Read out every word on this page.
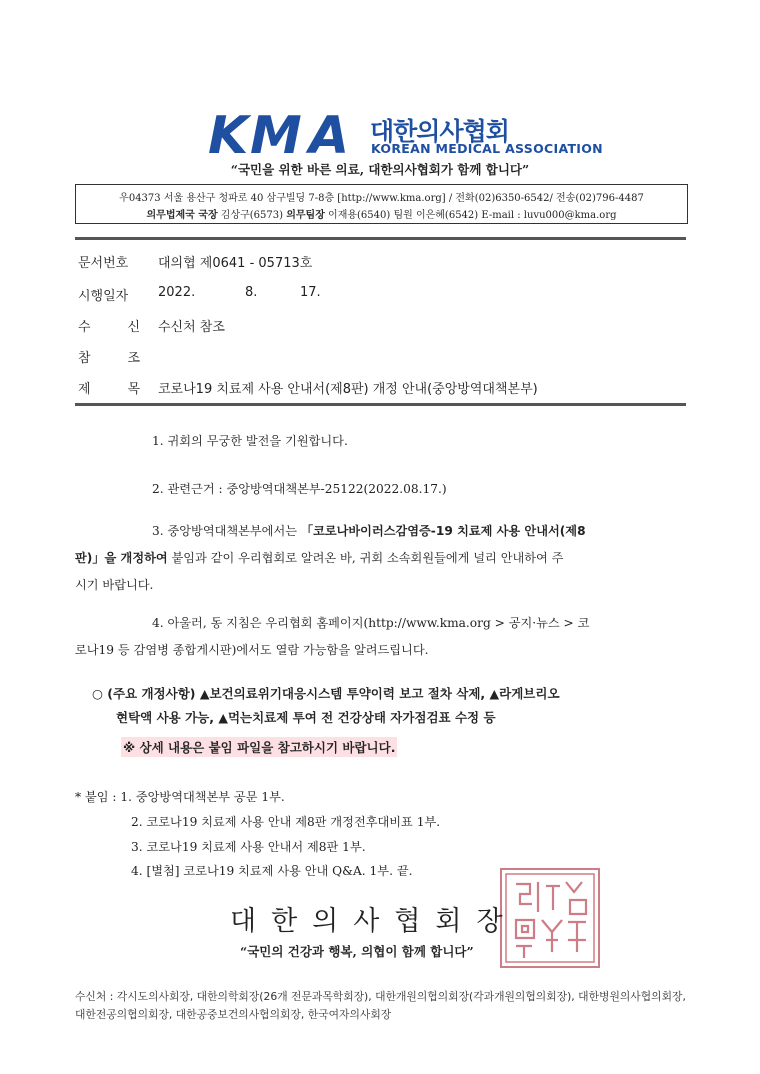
K M A 대한의사협회
KOREAN MEDICAL ASSOCIATION
“국민을 위한 바른 의료, 대한의사협회가 함께 합니다”
우04373 서울 용산구 청파로 40 삼구빌딩 7-8층 [http://www.kma.org] / 전화(02)6350-6542/ 전송(02)796-4487
의무법제국 국장 김상구(6573) 의무팀장 이재용(6540) 팀원 이은혜(6542) E-mail : luvu000@kma.org
문서번호 대의협 제0641 - 05713호
시행일자 2022.	8.	17.
수	신 수신처 참조
참	조
제	목 코로나19 치료제 사용 안내서(제8판) 개정 안내(중앙방역대책본부)
1. 귀회의 무궁한 발전을 기원합니다.
2. 관련근거 : 중앙방역대책본부-25122(2022.08.17.)
3. 중앙방역대책본부에서는 「코로나바이러스감염증-19 치료제 사용 안내서(제8
판)」을 개정하여 붙임과 같이 우리협회로 알려온 바, 귀회 소속회원들에게 널리 안내하여 주
시기 바랍니다.
4. 아울러, 동 지침은 우리협회 홈페이지(http://www.kma.org > 공지·뉴스 > 코
로나19 등 감염병 종합게시판)에서도 열람 가능함을 알려드립니다.
○ (주요 개정사항) ▲보건의료위기대응시스템 투약이력 보고 절차 삭제, ▲라게브리오
현탁액 사용 가능, ▲먹는치료제 투여 전 건강상태 자가점검표 수정 등
※ 상세 내용은 붙임 파일을 참고하시기 바랍니다.
* 붙임 : 1. 중앙방역대책본부 공문 1부.
2. 코로나19 치료제 사용 안내 제8판 개정전후대비표 1부.
3. 코로나19 치료제 사용 안내서 제8판 1부.
4. [별첨] 코로나19 치료제 사용 안내 Q&A. 1부. 끝.
대한의사협회장
“국민의 건강과 행복, 의협이 함께 합니다”
수신처 : 각시도의사회장, 대한의학회장(26개 전문과목학회장), 대한개원의협의회장(각과개원의협의회장), 대한병원의사협의회장, 대한전공의협의회장, 대한공중보건의사협의회장, 한국여자의사회장
